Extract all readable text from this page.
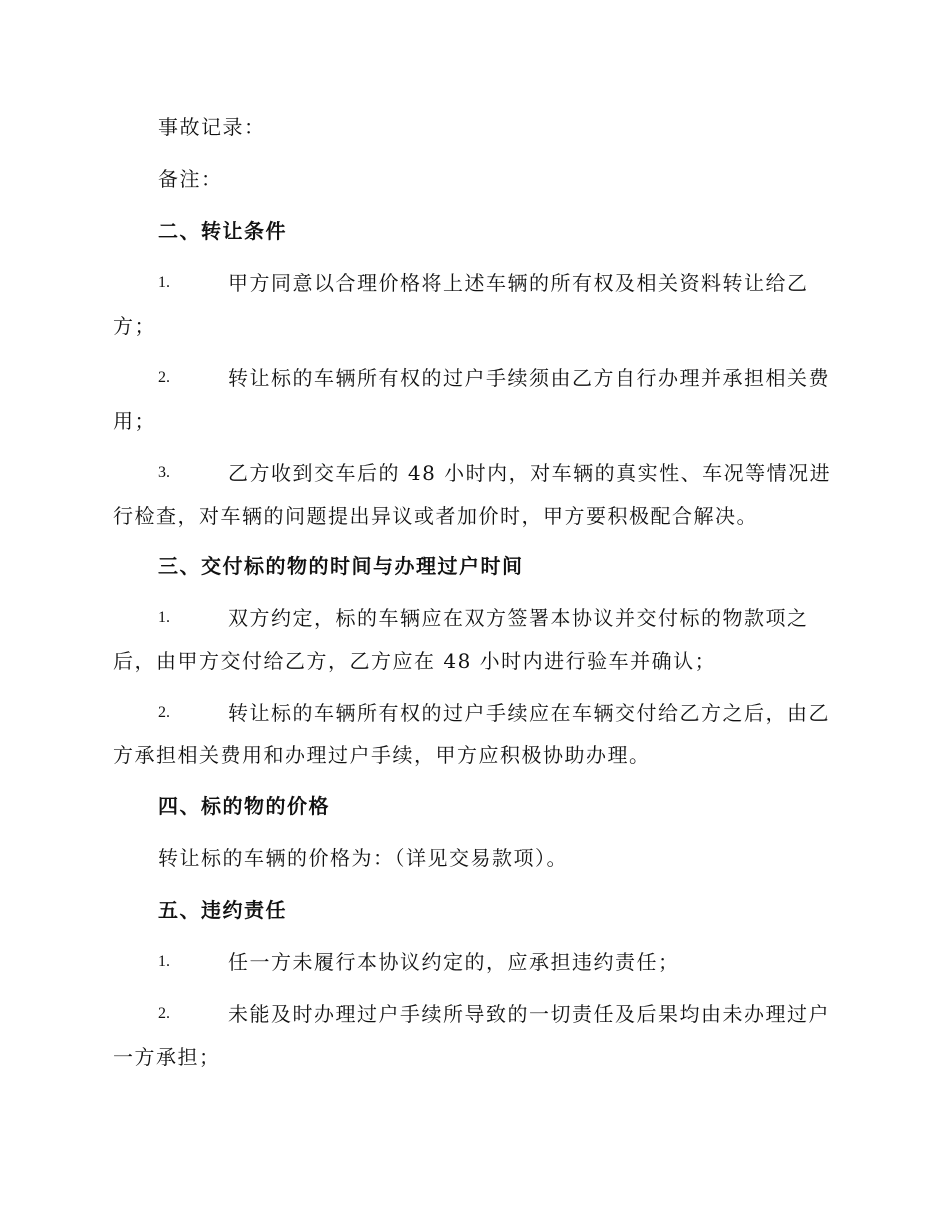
事故记录：
备注：
二、转让条件
1.	甲方同意以合理价格将上述车辆的所有权及相关资料转让给乙
方；
2.	转让标的车辆所有权的过户手续须由乙方自行办理并承担相关费
用；
3.	乙方收到交车后的 48 小时内，对车辆的真实性、车况等情况进
行检查，对车辆的问题提出异议或者加价时，甲方要积极配合解决。
三、交付标的物的时间与办理过户时间
1.	双方约定，标的车辆应在双方签署本协议并交付标的物款项之
后，由甲方交付给乙方，乙方应在 48 小时内进行验车并确认；
2.	转让标的车辆所有权的过户手续应在车辆交付给乙方之后，由乙
方承担相关费用和办理过户手续，甲方应积极协助办理。
四、标的物的价格
转让标的车辆的价格为：（详见交易款项）。
五、违约责任
1.	任一方未履行本协议约定的，应承担违约责任；
2.	未能及时办理过户手续所导致的一切责任及后果均由未办理过户
一方承担；
